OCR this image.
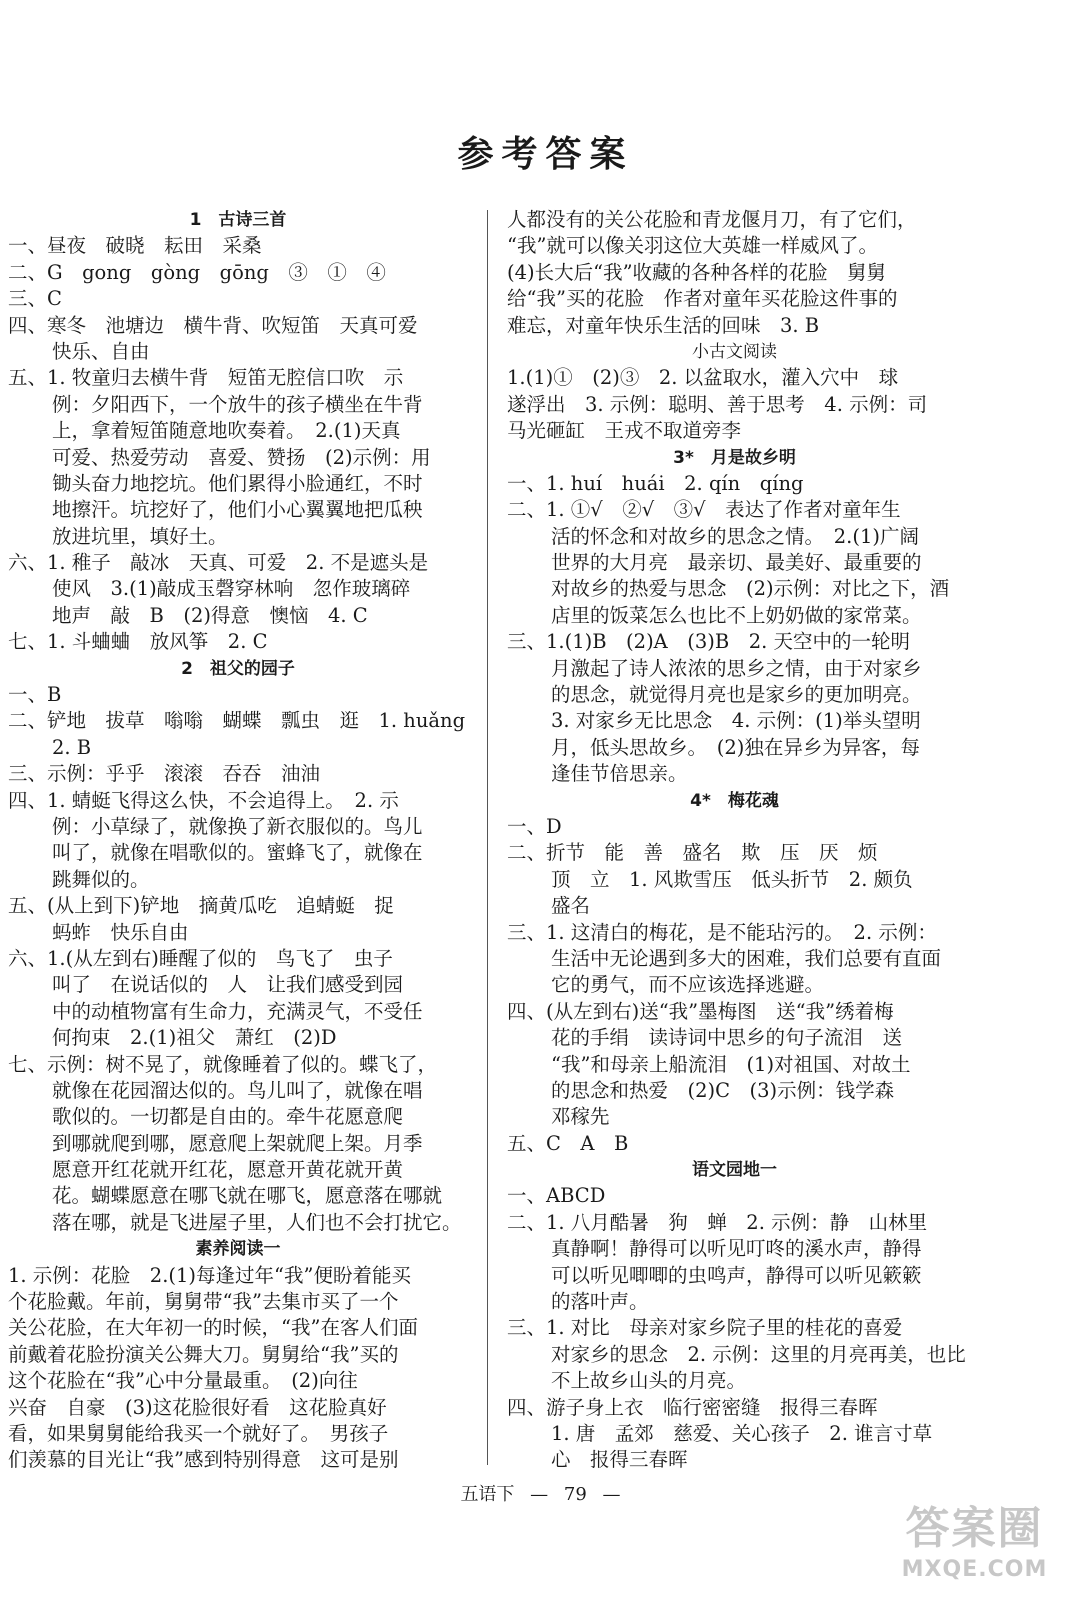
参考答案
1　古诗三首
一、昼夜　破晓　耘田　采桑
二、G　gong　gòng　gōng　③　①　④
三、C
四、寒冬　池塘边　横牛背、吹短笛　天真可爱
快乐、自由
五、1. 牧童归去横牛背　短笛无腔信口吹　示
例：夕阳西下，一个放牛的孩子横坐在牛背
上，拿着短笛随意地吹奏着。　2.(1)天真
可爱、热爱劳动　喜爱、赞扬　(2)示例：用
锄头奋力地挖坑。他们累得小脸通红，不时
地擦汗。坑挖好了，他们小心翼翼地把瓜秧
放进坑里，填好土。
六、1. 稚子　敲冰　天真、可爱　2. 不是遮头是
使风　3.(1)敲成玉磬穿林响　忽作玻璃碎
地声　敲　B　(2)得意　懊恼　4. C
七、1. 斗蛐蛐　放风筝　2. C
2　祖父的园子
一、B
二、铲地　拔草　嗡嗡　蝴蝶　瓢虫　逛　1. huǎng
2. B
三、示例：乎乎　滚滚　吞吞　油油
四、1. 蜻蜓飞得这么快，不会追得上。　2. 示
例：小草绿了，就像换了新衣服似的。鸟儿
叫了，就像在唱歌似的。蜜蜂飞了，就像在
跳舞似的。
五、(从上到下)铲地　摘黄瓜吃　追蜻蜓　捉
蚂蚱　快乐自由
六、1.(从左到右)睡醒了似的　鸟飞了　虫子
叫了　在说话似的　人　让我们感受到园
中的动植物富有生命力，充满灵气，不受任
何拘束　2.(1)祖父　萧红　(2)D
七、示例：树不晃了，就像睡着了似的。蝶飞了，
就像在花园溜达似的。鸟儿叫了，就像在唱
歌似的。一切都是自由的。牵牛花愿意爬
到哪就爬到哪，愿意爬上架就爬上架。月季
愿意开红花就开红花，愿意开黄花就开黄
花。蝴蝶愿意在哪飞就在哪飞，愿意落在哪就
落在哪，就是飞进屋子里，人们也不会打扰它。
素养阅读一
1. 示例：花脸　2.(1)每逢过年“我”便盼着能买
个花脸戴。年前，舅舅带“我”去集市买了一个
关公花脸，在大年初一的时候，“我”在客人们面
前戴着花脸扮演关公舞大刀。舅舅给“我”买的
这个花脸在“我”心中分量最重。　(2)向往
兴奋　自豪　(3)这花脸很好看　这花脸真好
看，如果舅舅能给我买一个就好了。　男孩子
们羡慕的目光让“我”感到特别得意　这可是别
人都没有的关公花脸和青龙偃月刀，有了它们，
“我”就可以像关羽这位大英雄一样威风了。
(4)长大后“我”收藏的各种各样的花脸　舅舅
给“我”买的花脸　作者对童年买花脸这件事的
难忘，对童年快乐生活的回味　3. B
小古文阅读
1.(1)①　(2)③　2. 以盆取水，灌入穴中　球
遂浮出　3. 示例：聪明、善于思考　4. 示例：司
马光砸缸　王戎不取道旁李
3*　月是故乡明
一、1. huí　huái　2. qín　qíng
二、1. ①√　②√　③√　表达了作者对童年生
活的怀念和对故乡的思念之情。　2.(1)广阔
世界的大月亮　最亲切、最美好、最重要的
对故乡的热爱与思念　(2)示例：对比之下，酒
店里的饭菜怎么也比不上奶奶做的家常菜。
三、1.(1)B　(2)A　(3)B　2. 天空中的一轮明
月激起了诗人浓浓的思乡之情，由于对家乡
的思念，就觉得月亮也是家乡的更加明亮。
3. 对家乡无比思念　4. 示例：(1)举头望明
月，低头思故乡。　(2)独在异乡为异客，每
逢佳节倍思亲。
4*　梅花魂
一、D
二、折节　能　善　盛名　欺　压　厌　烦
顶　立　1. 风欺雪压　低头折节　2. 颇负
盛名
三、1. 这清白的梅花，是不能玷污的。　2. 示例：
生活中无论遇到多大的困难，我们总要有直面
它的勇气，而不应该选择逃避。
四、(从左到右)送“我”墨梅图　送“我”绣着梅
花的手绢　读诗词中思乡的句子流泪　送
“我”和母亲上船流泪　(1)对祖国、对故土
的思念和热爱　(2)C　(3)示例：钱学森
邓稼先
五、C　A　B
语文园地一
一、ABCD
二、1. 八月酷暑　狗　蝉　2. 示例：静　山林里
真静啊！静得可以听见叮咚的溪水声，静得
可以听见唧唧的虫鸣声，静得可以听见簌簌
的落叶声。
三、1. 对比　母亲对家乡院子里的桂花的喜爱
对家乡的思念　2. 示例：这里的月亮再美，也比
不上故乡山头的月亮。
四、游子身上衣　临行密密缝　报得三春晖
1. 唐　孟郊　慈爱、关心孩子　2. 谁言寸草
心　报得三春晖
五语下 — 79 —
答案圈
MXQE.COM
